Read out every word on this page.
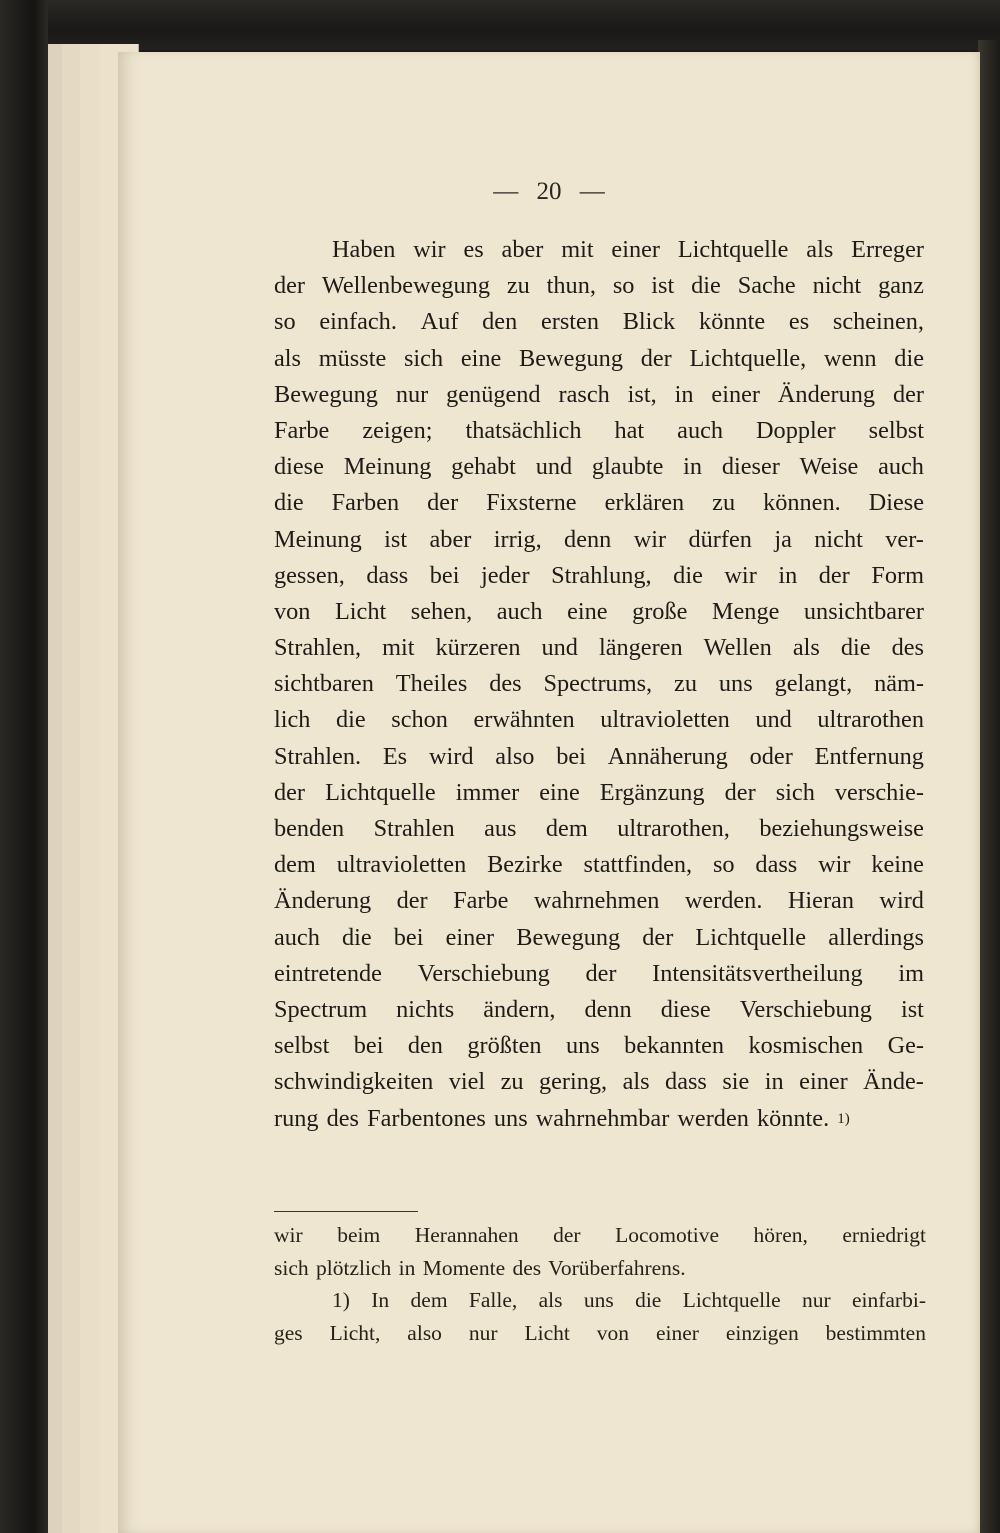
— 20 —
Haben wir es aber mit einer Lichtquelle als Erreger
der Wellenbewegung zu thun, so ist die Sache nicht ganz
so einfach. Auf den ersten Blick könnte es scheinen,
als müsste sich eine Bewegung der Lichtquelle, wenn die
Bewegung nur genügend rasch ist, in einer Änderung der
Farbe zeigen; thatsächlich hat auch Doppler selbst
diese Meinung gehabt und glaubte in dieser Weise auch
die Farben der Fixsterne erklären zu können. Diese
Meinung ist aber irrig, denn wir dürfen ja nicht ver-
gessen, dass bei jeder Strahlung, die wir in der Form
von Licht sehen, auch eine große Menge unsichtbarer
Strahlen, mit kürzeren und längeren Wellen als die des
sichtbaren Theiles des Spectrums, zu uns gelangt, näm-
lich die schon erwähnten ultravioletten und ultrarothen
Strahlen. Es wird also bei Annäherung oder Entfernung
der Lichtquelle immer eine Ergänzung der sich verschie-
benden Strahlen aus dem ultrarothen, beziehungsweise
dem ultravioletten Bezirke stattfinden, so dass wir keine
Änderung der Farbe wahrnehmen werden. Hieran wird
auch die bei einer Bewegung der Lichtquelle allerdings
eintretende Verschiebung der Intensitätsvertheilung im
Spectrum nichts ändern, denn diese Verschiebung ist
selbst bei den größten uns bekannten kosmischen Ge-
schwindigkeiten viel zu gering, als dass sie in einer Ände-
rung des Farbentones uns wahrnehmbar werden könnte.
1)
wir beim Herannahen der Locomotive hören, erniedrigt
sich plötzlich in Momente des Vorüberfahrens.
1) In dem Falle, als uns die Lichtquelle nur einfarbi-
ges Licht, also nur Licht von einer einzigen bestimmten
